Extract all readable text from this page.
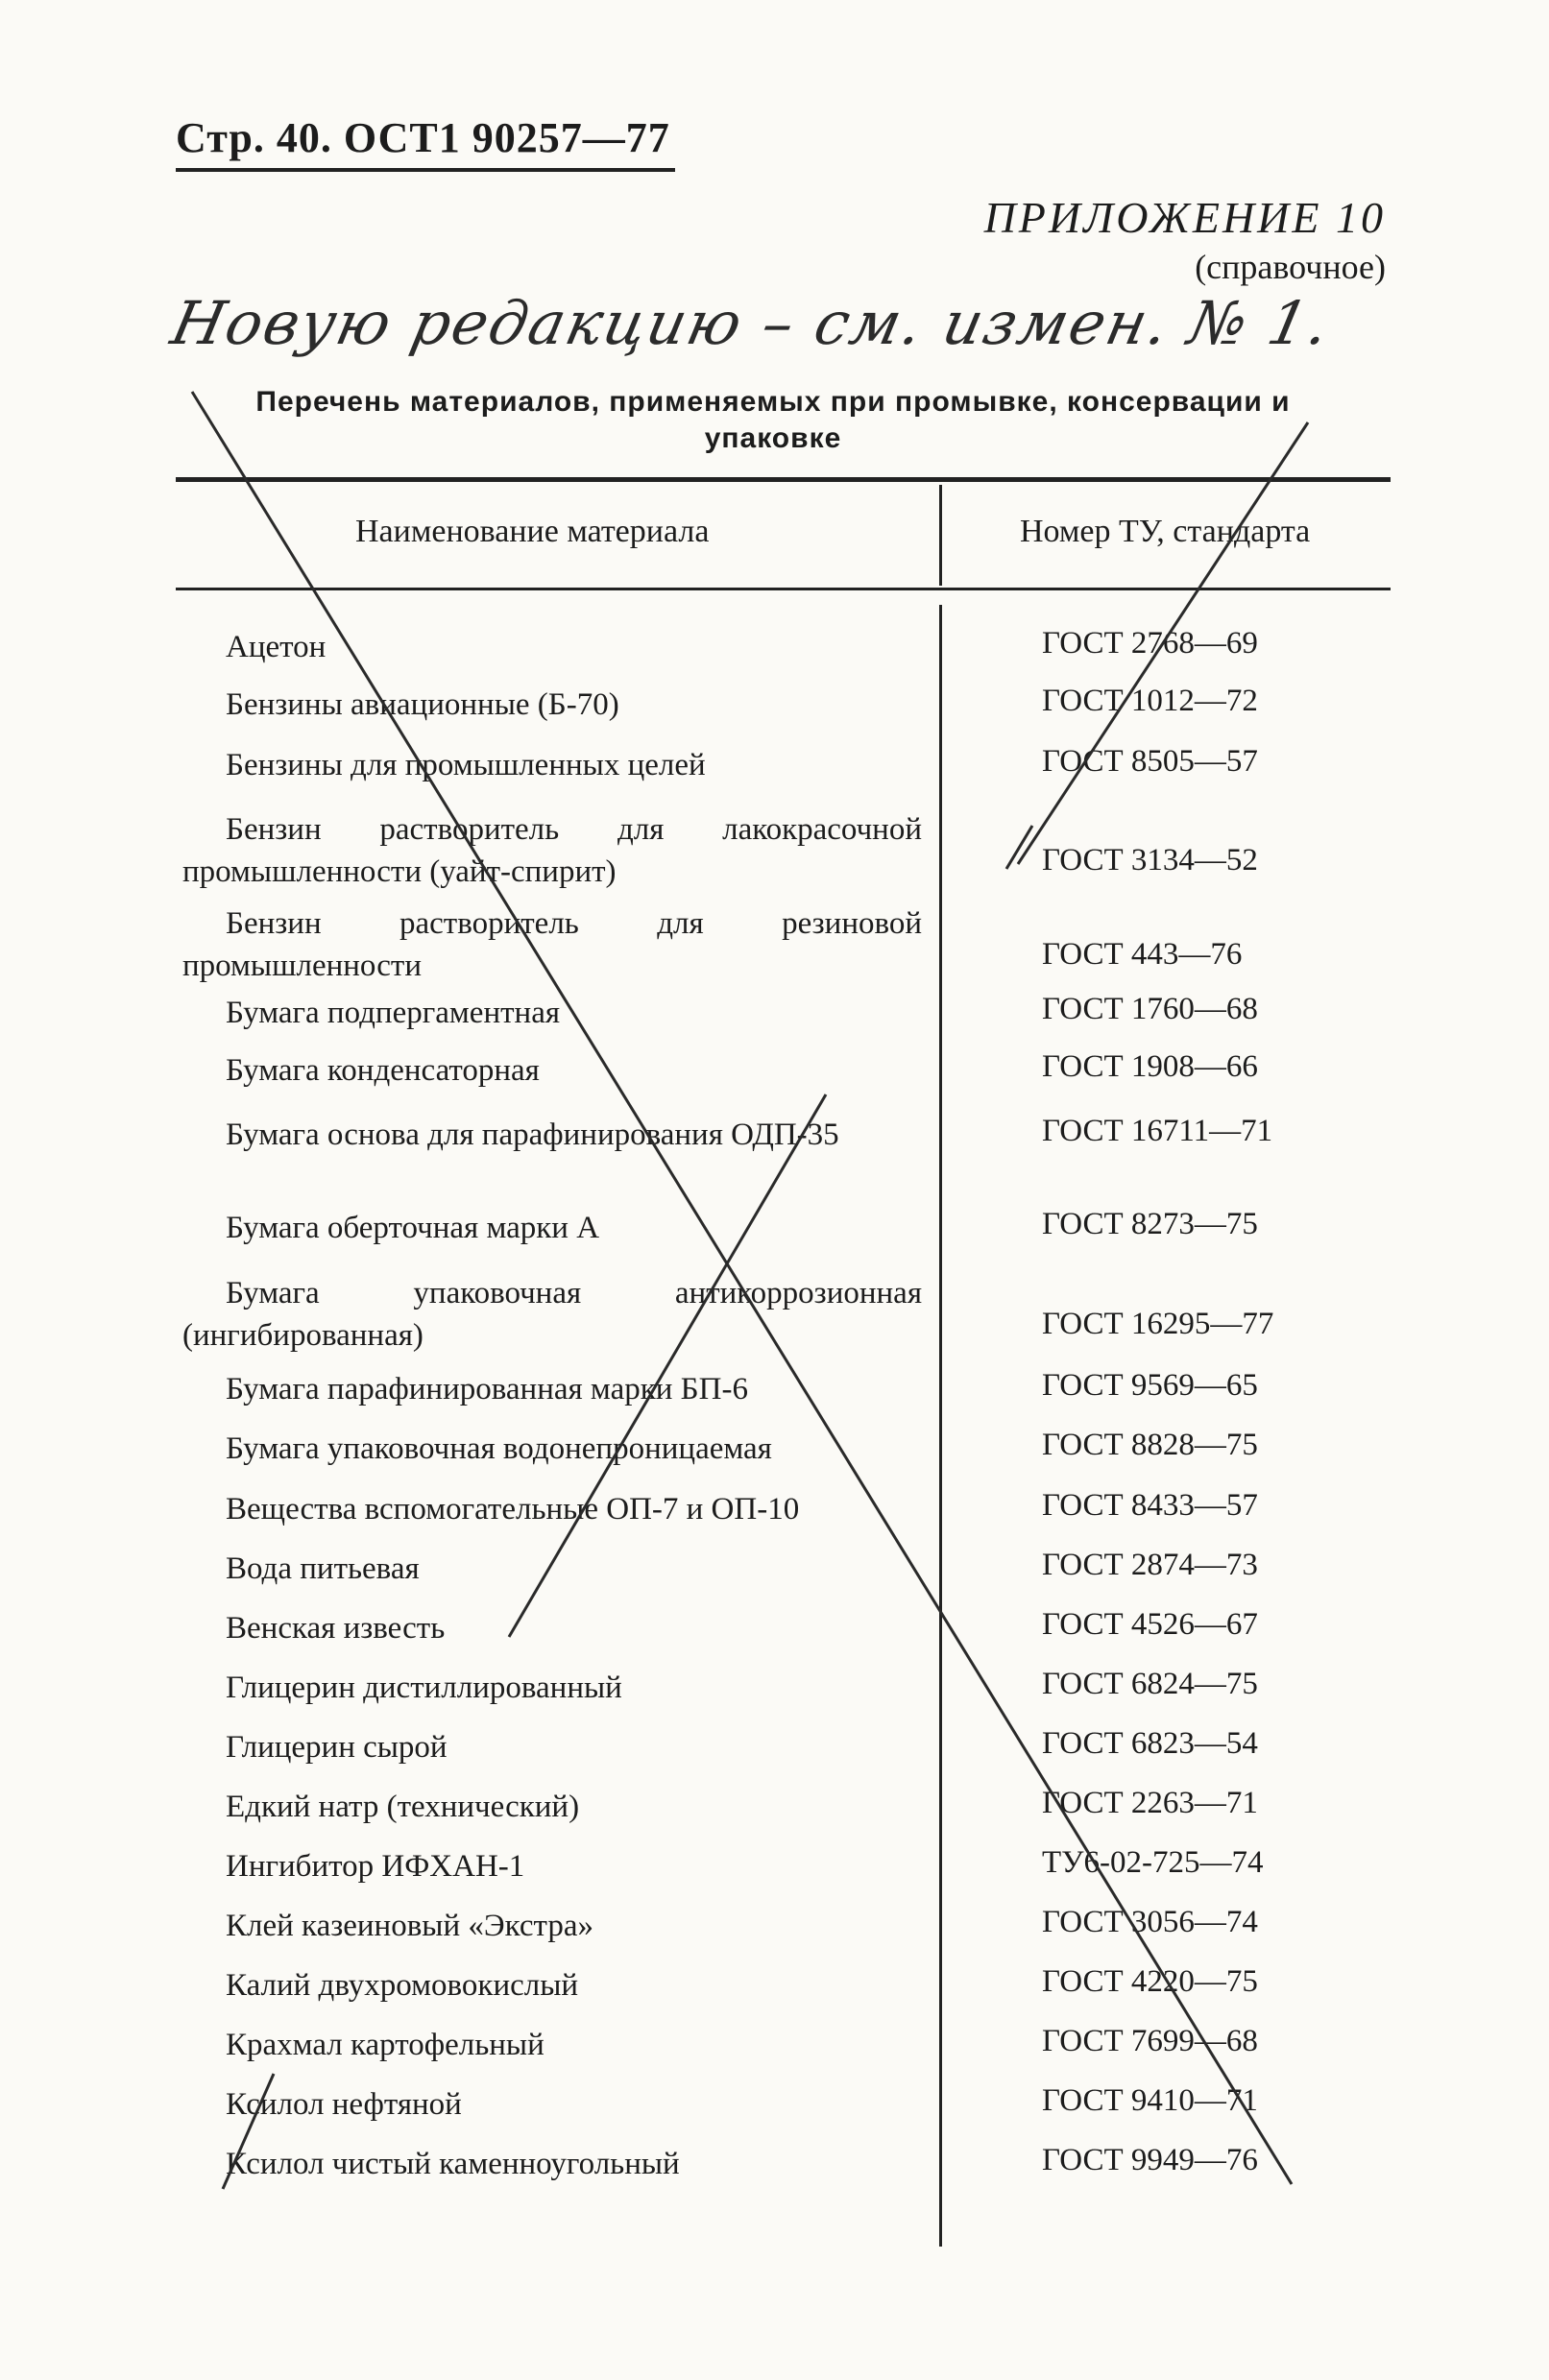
Стр. 40. ОСТ1 90257—77
ПРИЛОЖЕНИЕ 10
(справочное)
Новую редакцию – см. измен. № 1.
Перечень материалов, применяемых при промывке, консервации и
упаковке
Наименование материала	Номер ТУ, стандарта
Ацетон	ГОСТ 2768—69
Бензины авиационные (Б-70)	ГОСТ 1012—72
Бензины для промышленных целей	ГОСТ 8505—57
Бензин растворитель для лакокрасочной промышленности (уайт-спирит)	ГОСТ 3134—52
Бензин растворитель для резиновой промышленности	ГОСТ 443—76
Бумага подпергаментная	ГОСТ 1760—68
Бумага конденсаторная	ГОСТ 1908—66
Бумага основа для парафинирования ОДП-35	ГОСТ 16711—71
Бумага оберточная марки А	ГОСТ 8273—75
Бумага упаковочная антикоррозионная (ингибированная)	ГОСТ 16295—77
Бумага парафинированная марки БП-6	ГОСТ 9569—65
Бумага упаковочная водонепроницаемая	ГОСТ 8828—75
Вещества вспомогательные ОП-7 и ОП-10	ГОСТ 8433—57
Вода питьевая	ГОСТ 2874—73
Венская известь	ГОСТ 4526—67
Глицерин дистиллированный	ГОСТ 6824—75
Глицерин сырой	ГОСТ 6823—54
Едкий натр (технический)	ГОСТ 2263—71
Ингибитор ИФХАН-1	ТУ6-02-725—74
Клей казеиновый «Экстра»	ГОСТ 3056—74
Калий двухромовокислый	ГОСТ 4220—75
Крахмал картофельный	ГОСТ 7699—68
Ксилол нефтяной	ГОСТ 9410—71
Ксилол чистый каменноугольный	ГОСТ 9949—76
